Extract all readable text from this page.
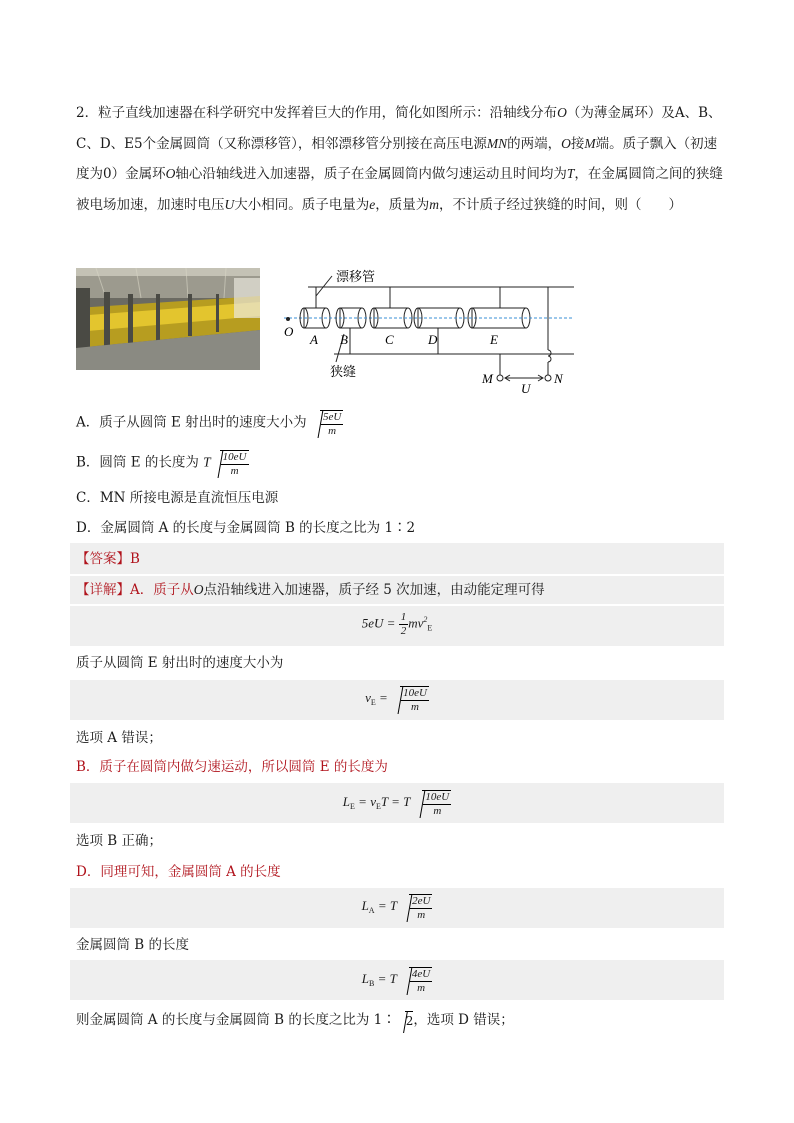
2．粒子直线加速器在科学研究中发挥着巨大的作用，简化如图所示：沿轴线分布O（为薄金属环）及A、B、C、D、E5个金属圆筒（又称漂移管），相邻漂移管分别接在高压电源MN的两端，O接M端。质子飘入（初速度为0）金属环O轴心沿轴线进入加速器，质子在金属圆筒内做匀速运动且时间均为T，在金属圆筒之间的狭缝被电场加速，加速时电压U大小相同。质子电量为e，质量为m，不计质子经过狭缝的时间，则（　　）

漂移管
狭缝
O
A B	C	D	E
M	N
U
A．质子从圆筒 E 射出时的速度大小为 $\frac{5eU}{m}$
B．圆筒 E 的长度为 T $\frac{10eU}{m}$
C．MN 所接电源是直流恒压电源
D．金属圆筒 A 的长度与金属圆筒 B 的长度之比为 1∶2
【答案】B
【详解】A．质子从O点沿轴线进入加速器，质子经 5 次加速，由动能定理可得
$5eU = \frac{1}{2} mv^2_E$
质子从圆筒 E 射出时的速度大小为
$v_E = \frac{10eU}{m}$
选项 A 错误；
B．质子在圆筒内做匀速运动，所以圆筒 E 的长度为
$L_E = v_ET = T \frac{10eU}{m}$
选项 B 正确；
D．同理可知，金属圆筒 A 的长度
$L_A = T \frac{2eU}{m}$
金属圆筒 B 的长度
$L_B = T \frac{4eU}{m}$
则金属圆筒 A 的长度与金属圆筒 B 的长度之比为 1∶ 2，选项 D 错误；
